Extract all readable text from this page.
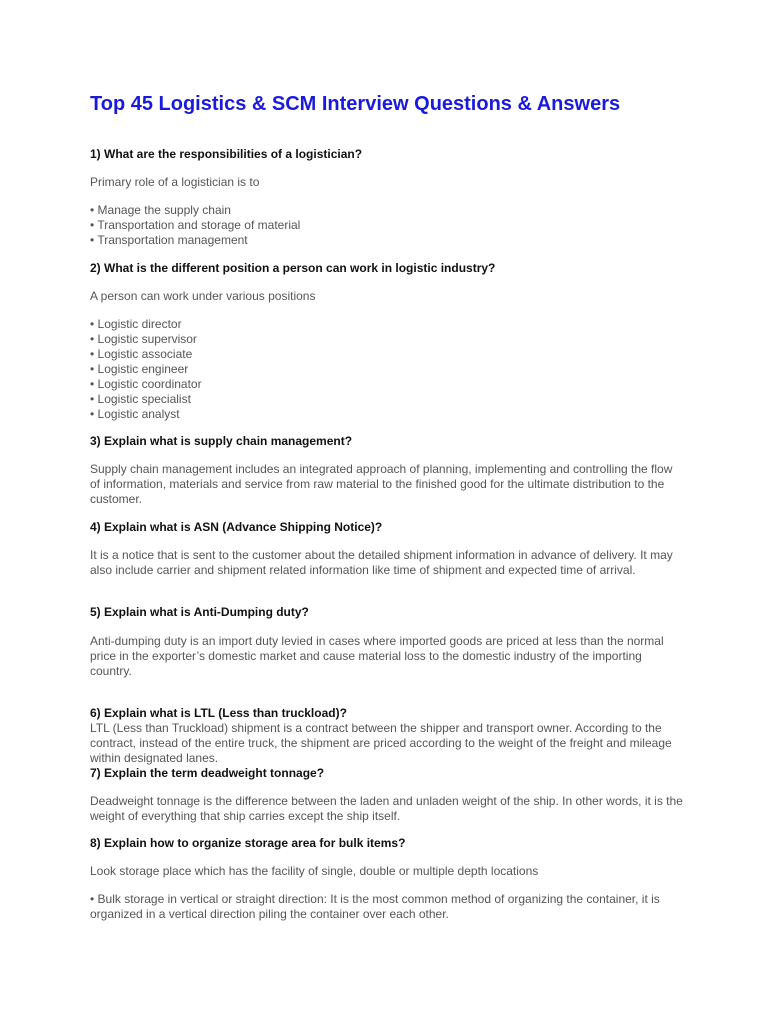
Top 45 Logistics & SCM Interview Questions & Answers

1) What are the responsibilities of a logistician?

Primary role of a logistician is to

• Manage the supply chain
• Transportation and storage of material
• Transportation management

2) What is the different position a person can work in logistic industry?

A person can work under various positions

• Logistic director
• Logistic supervisor
• Logistic associate
• Logistic engineer
• Logistic coordinator
• Logistic specialist
• Logistic analyst

3) Explain what is supply chain management?

Supply chain management includes an integrated approach of planning, implementing and controlling the flow of information, materials and service from raw material to the finished good for the ultimate distribution to the customer.

4) Explain what is ASN (Advance Shipping Notice)?

It is a notice that is sent to the customer about the detailed shipment information in advance of delivery. It may also include carrier and shipment related information like time of shipment and expected time of arrival.

5) Explain what is Anti-Dumping duty?

Anti-dumping duty is an import duty levied in cases where imported goods are priced at less than the normal price in the exporter’s domestic market and cause material loss to the domestic industry of the importing country.

6) Explain what is LTL (Less than truckload)?

LTL (Less than Truckload) shipment is a contract between the shipper and transport owner. According to the contract, instead of the entire truck, the shipment are priced according to the weight of the freight and mileage within designated lanes.

7) Explain the term deadweight tonnage?

Deadweight tonnage is the difference between the laden and unladen weight of the ship. In other words, it is the weight of everything that ship carries except the ship itself.

8) Explain how to organize storage area for bulk items?

Look storage place which has the facility of single, double or multiple depth locations

• Bulk storage in vertical or straight direction: It is the most common method of organizing the container, it is organized in a vertical direction piling the container over each other.
